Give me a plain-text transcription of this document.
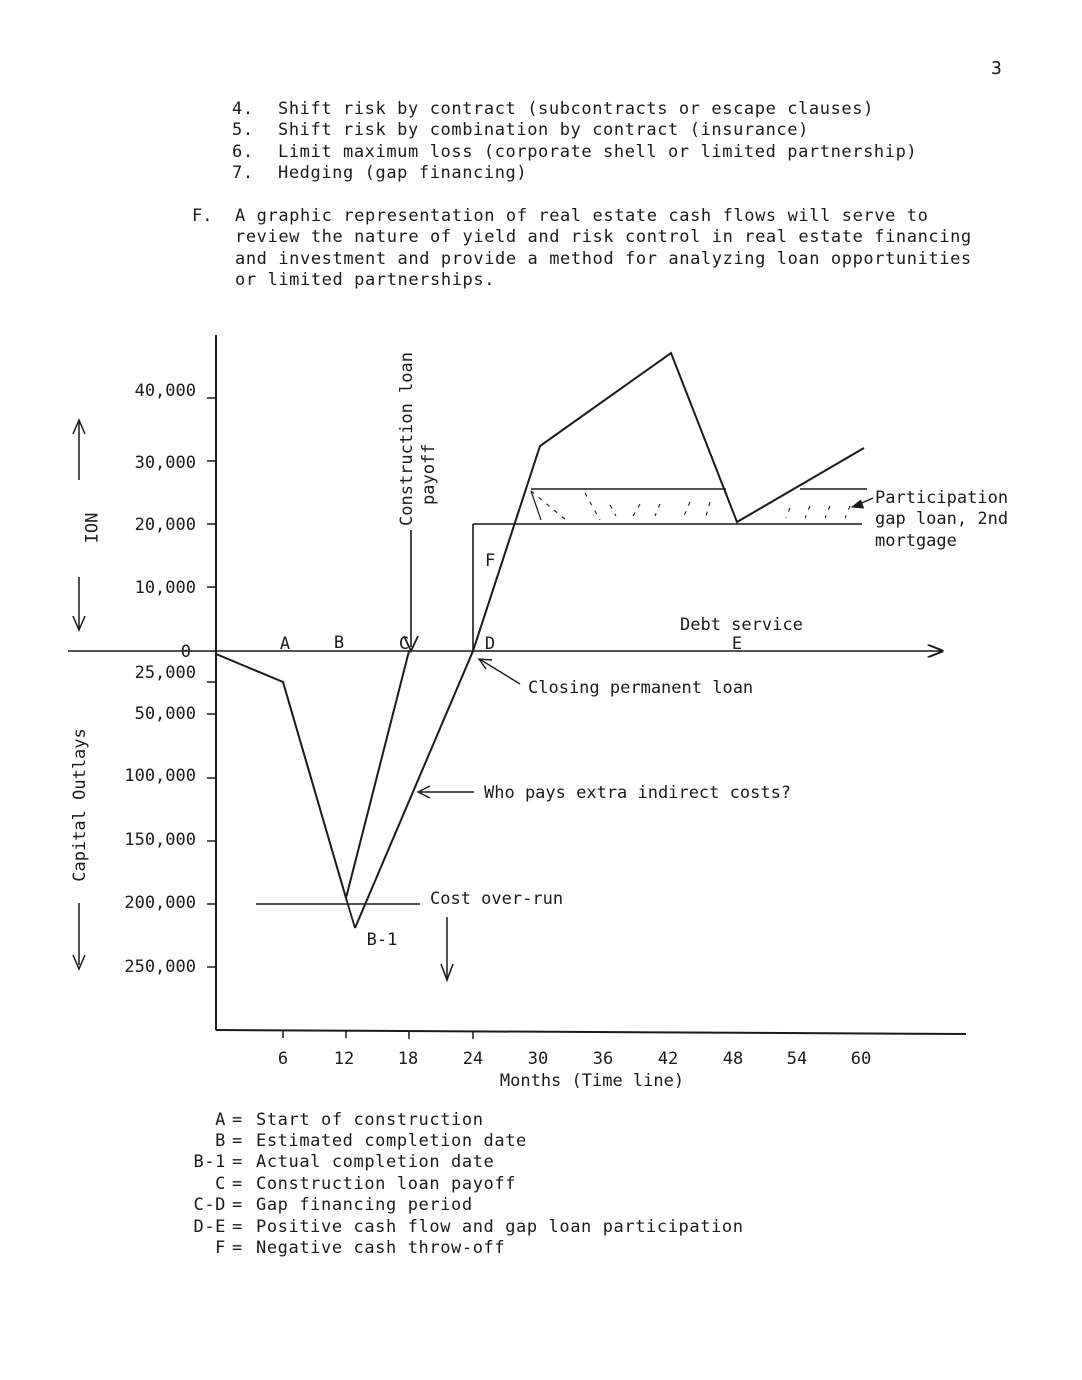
3
4. Shift risk by contract (subcontracts or escape clauses)
5. Shift risk by combination by contract (insurance)
6. Limit maximum loss (corporate shell or limited partnership)
7. Hedging (gap financing)
F. A graphic representation of real estate cash flows will serve to
review the nature of yield and risk control in real estate financing
and investment and provide a method for analyzing loan opportunities
or limited partnerships.
40,000
30,000
20,000
10,000
0
25,000
50,000
100,000
150,000
200,000
250,000
NOI
Capital Outlays
6	12	18	24	30	36	42	48	54	60
Months (Time line)
Construction loan payoff
F
A	B	C	D	E
B-1
Debt service
Participation
gap loan, 2nd
mortgage
Closing permanent loan
Who pays extra indirect costs?
Cost over-run
A = Start of construction
B = Estimated completion date
B-1 = Actual completion date
C = Construction loan payoff
C-D = Gap financing period
D-E = Positive cash flow and gap loan participation
F = Negative cash throw-off
